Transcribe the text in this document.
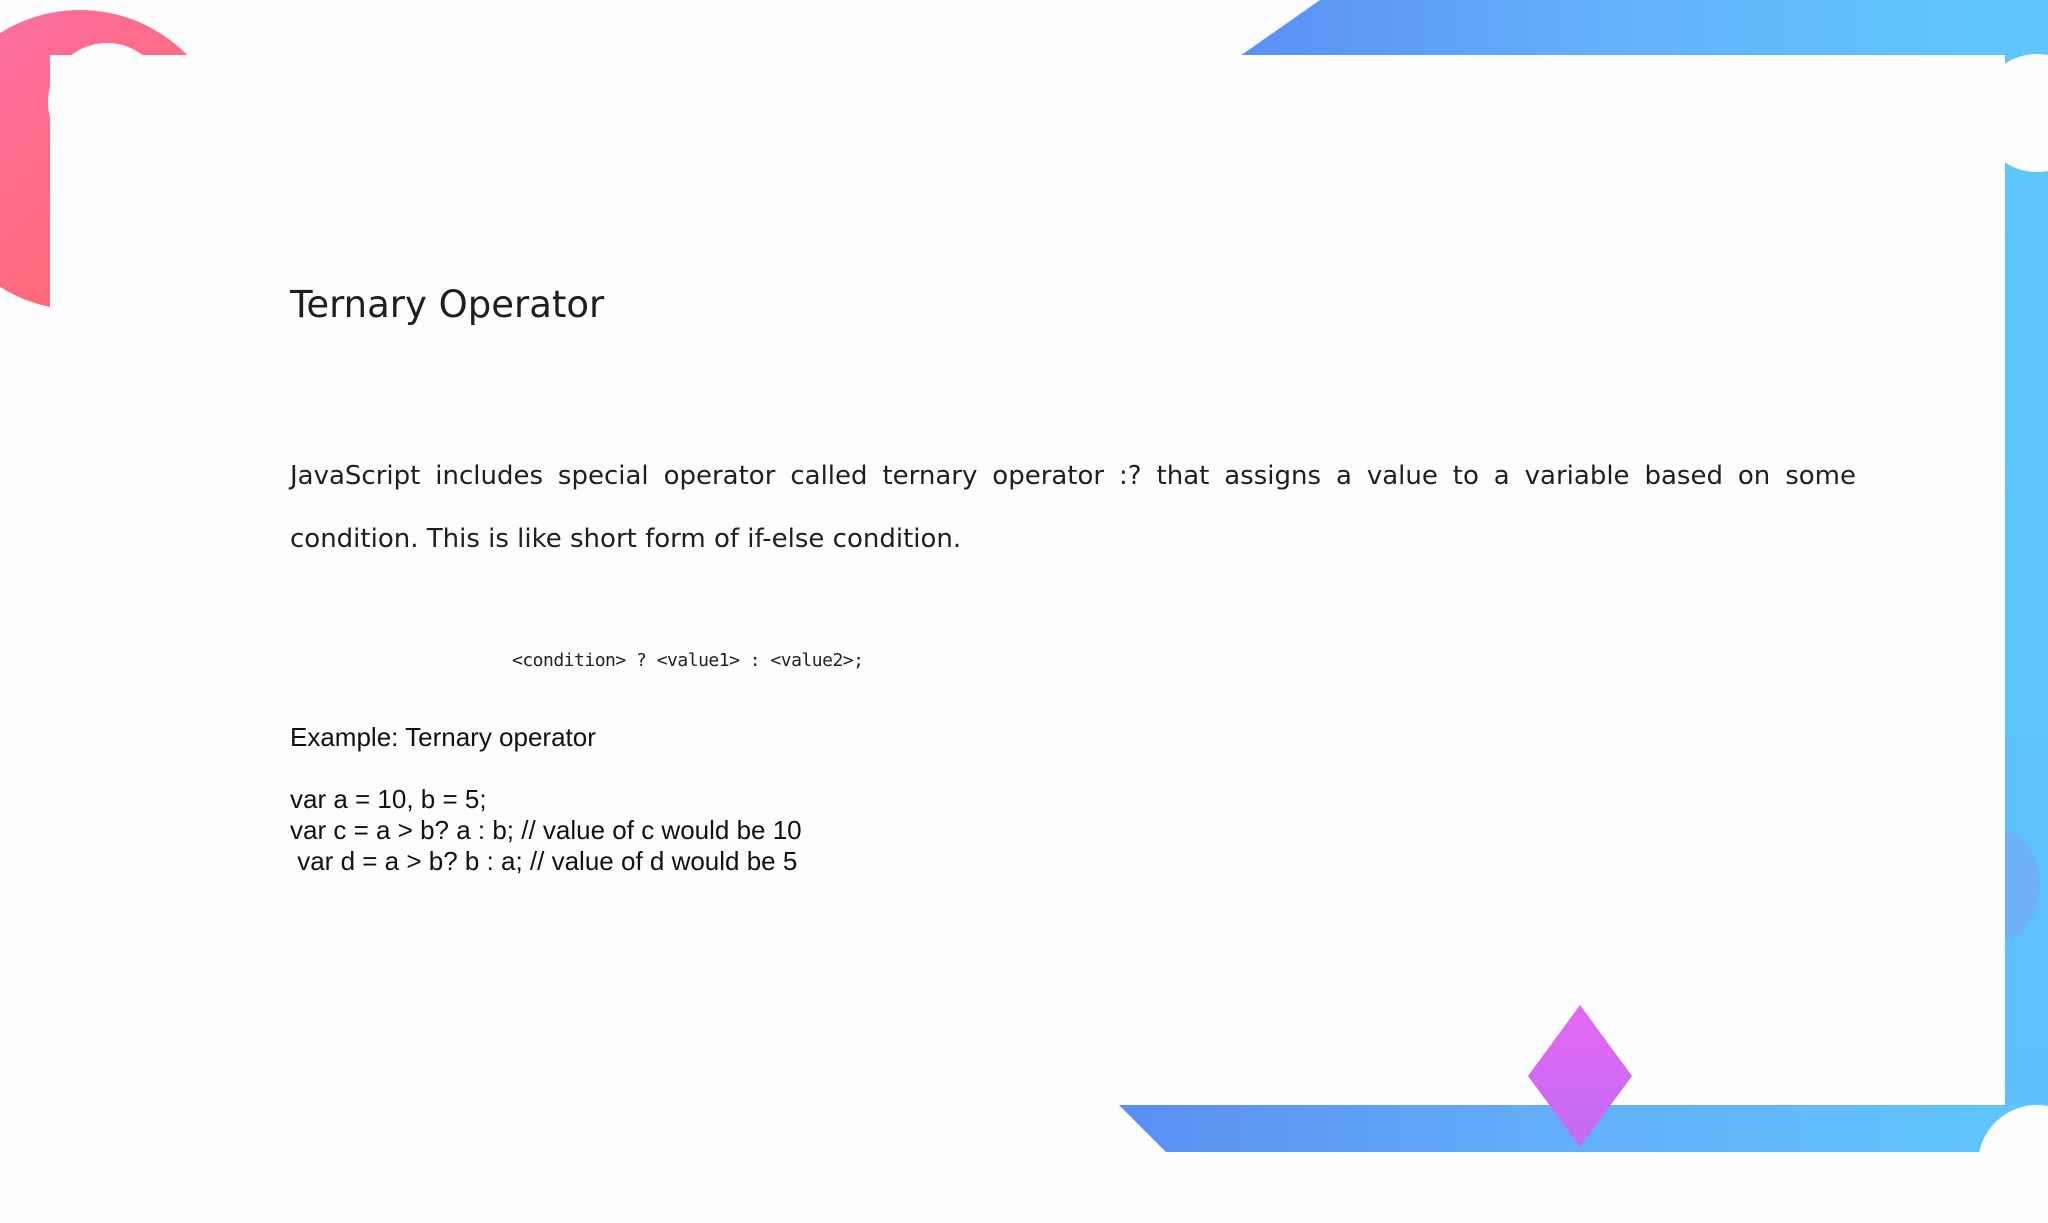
Ternary Operator

JavaScript includes special operator called ternary operator :? that assigns a value to a variable based on some condition. This is like short form of if-else condition.

<condition> ? <value1> : <value2>;
Example: Ternary operator
var a = 10, b = 5;
var c = a > b? a : b; // value of c would be 10
var d = a > b? b : a; // value of d would be 5
